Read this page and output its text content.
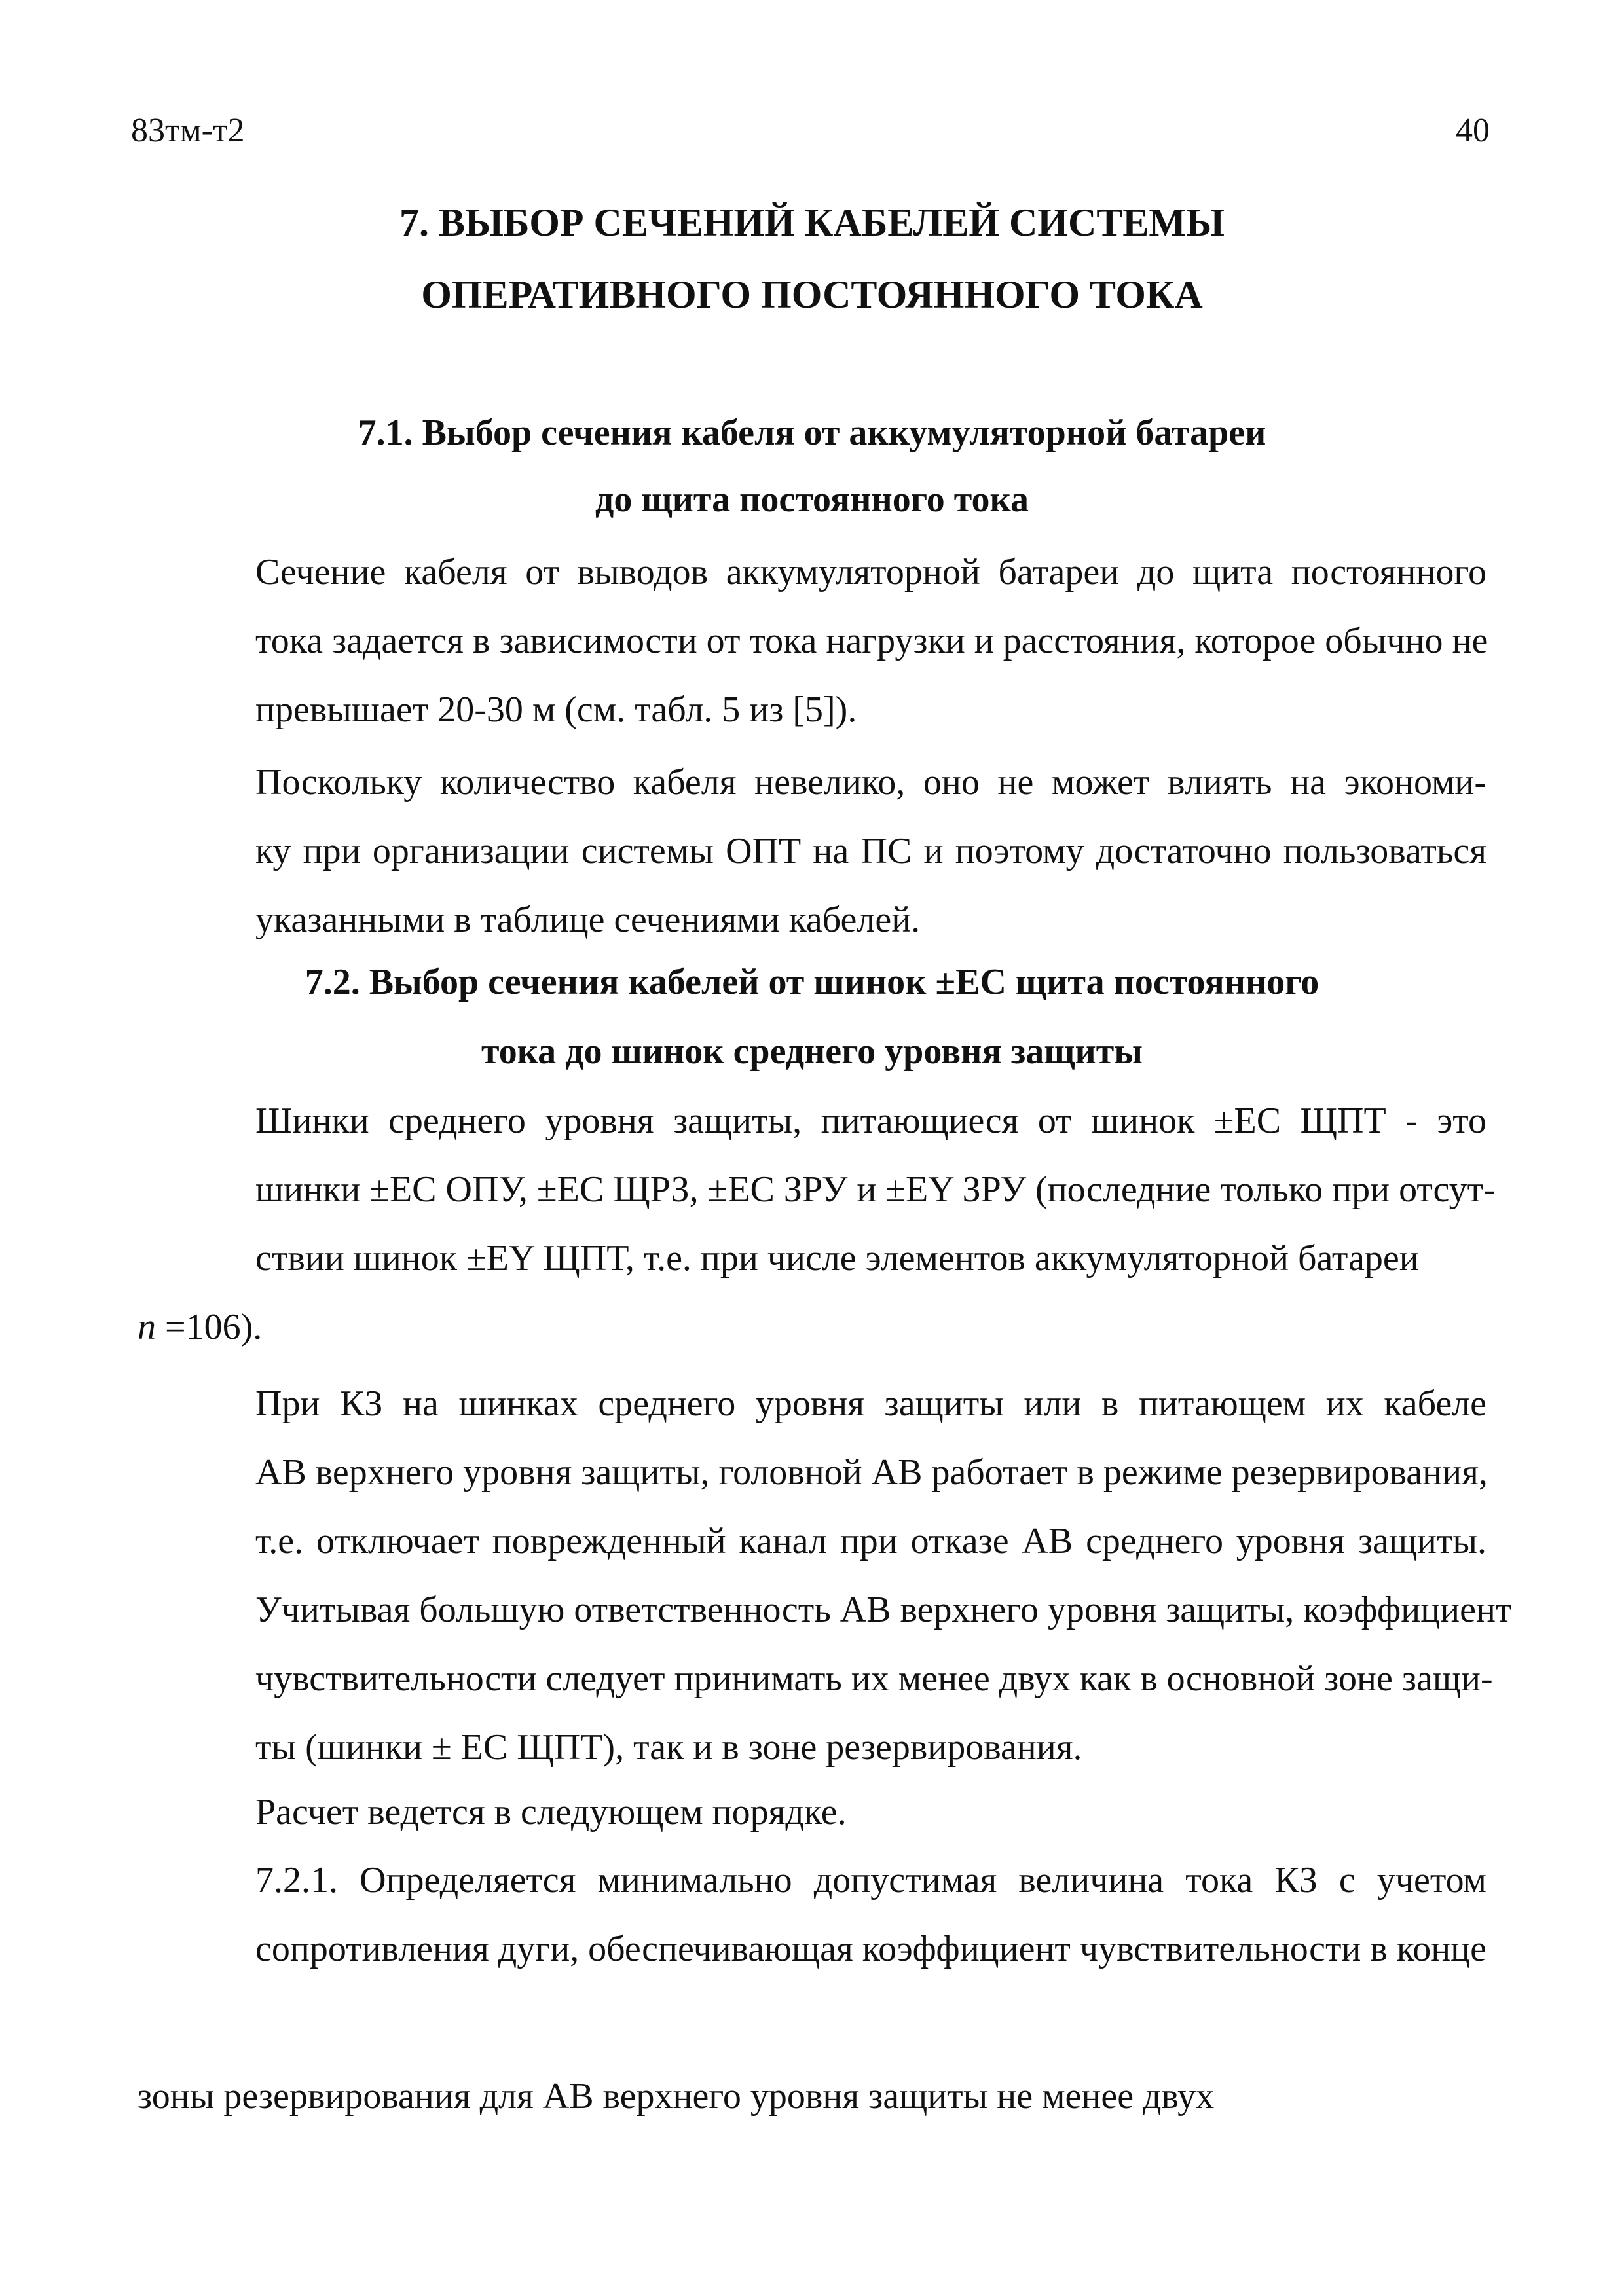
83тм-т2	40
7. ВЫБОР СЕЧЕНИЙ КАБЕЛЕЙ СИСТЕМЫ
ОПЕРАТИВНОГО ПОСТОЯННОГО ТОКА
7.1. Выбор сечения кабеля от аккумуляторной батареи
до щита постоянного тока
Сечение кабеля от выводов аккумуляторной батареи до щита постоянного
тока задается в зависимости от тока нагрузки и расстояния, которое обычно не
превышает 20-30 м (см. табл. 5 из [5]).
Поскольку количество кабеля невелико, оно не может влиять на экономи-
ку при организации системы ОПТ на ПС и поэтому достаточно пользоваться
указанными в таблице сечениями кабелей.
7.2. Выбор сечения кабелей от шинок ±ЕС щита постоянного
тока до шинок среднего уровня защиты
Шинки среднего уровня защиты, питающиеся от шинок ±ЕС ЩПТ - это
шинки ±ЕС ОПУ, ±ЕС ЩРЗ, ±ЕС ЗРУ и ±ЕY ЗРУ (последние только при отсут-
ствии шинок ±ЕY ЩПТ, т.е. при числе элементов аккумуляторной батареи
n =106).
При КЗ на шинках среднего уровня защиты или в питающем их кабеле
АВ верхнего уровня защиты, головной АВ работает в режиме резервирования,
т.е. отключает поврежденный канал при отказе АВ среднего уровня защиты.
Учитывая большую ответственность АВ верхнего уровня защиты, коэффициент
чувствительности следует принимать их менее двух как в основной зоне защи-
ты (шинки ± ЕС ЩПТ), так и в зоне резервирования.
Расчет ведется в следующем порядке.
7.2.1. Определяется минимально допустимая величина тока КЗ с учетом
сопротивления дуги, обеспечивающая коэффициент чувствительности в конце
зоны резервирования для АВ верхнего уровня защиты не менее двух
